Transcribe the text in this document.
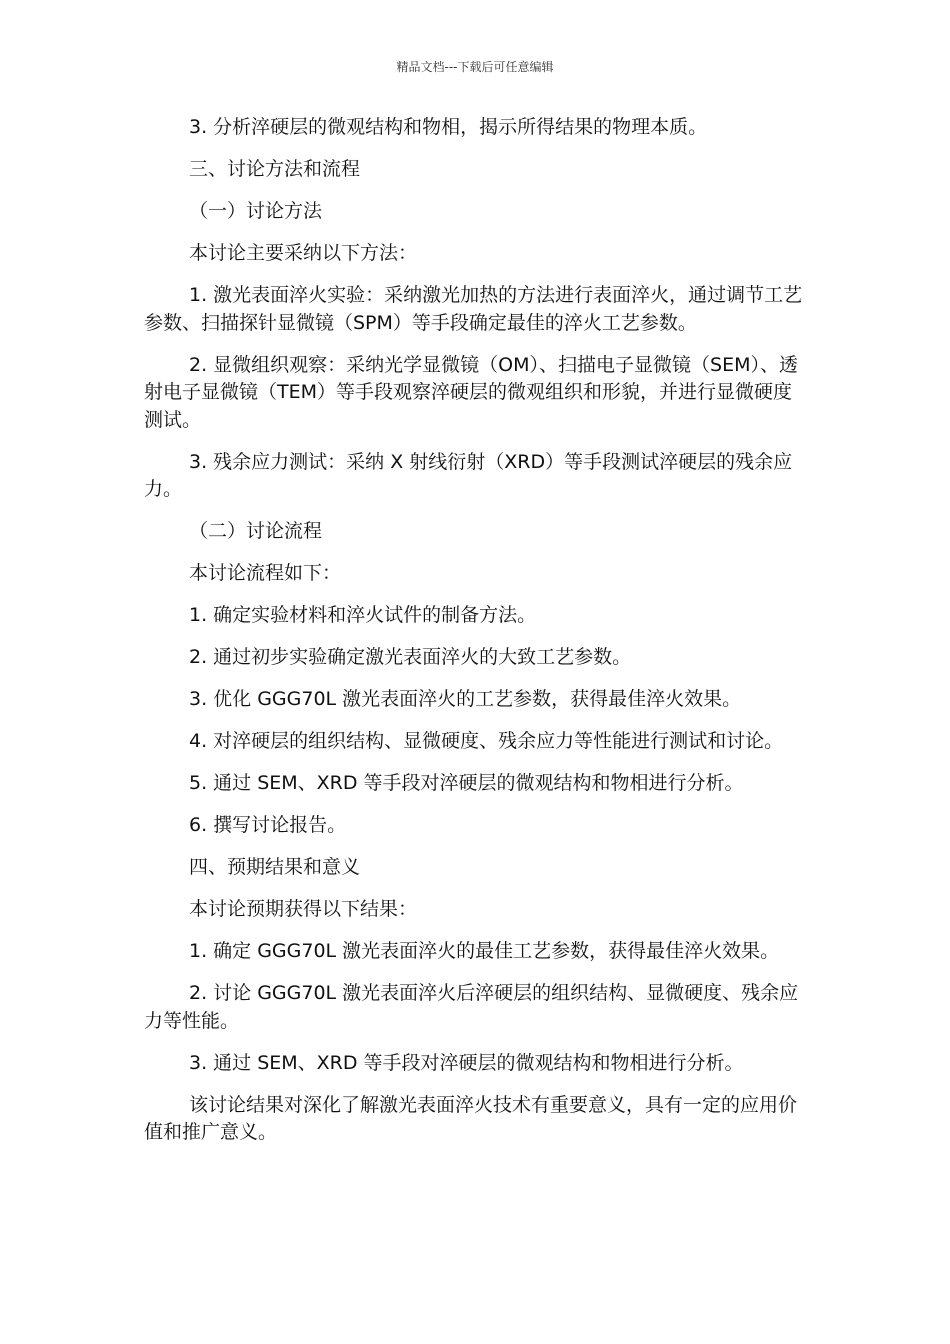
精品文档---下载后可任意编辑

3. 分析淬硬层的微观结构和物相，揭示所得结果的物理本质。

三、讨论方法和流程

（一）讨论方法

本讨论主要采纳以下方法：

1. 激光表面淬火实验：采纳激光加热的方法进行表面淬火，通过调节工艺参数、扫描探针显微镜（SPM）等手段确定最佳的淬火工艺参数。

2. 显微组织观察：采纳光学显微镜（OM）、扫描电子显微镜（SEM）、透射电子显微镜（TEM）等手段观察淬硬层的微观组织和形貌，并进行显微硬度测试。

3. 残余应力测试：采纳 X 射线衍射（XRD）等手段测试淬硬层的残余应力。

（二）讨论流程

本讨论流程如下：

1. 确定实验材料和淬火试件的制备方法。

2. 通过初步实验确定激光表面淬火的大致工艺参数。

3. 优化 GGG70L 激光表面淬火的工艺参数，获得最佳淬火效果。

4. 对淬硬层的组织结构、显微硬度、残余应力等性能进行测试和讨论。

5. 通过 SEM、XRD 等手段对淬硬层的微观结构和物相进行分析。

6. 撰写讨论报告。

四、预期结果和意义

本讨论预期获得以下结果：

1. 确定 GGG70L 激光表面淬火的最佳工艺参数，获得最佳淬火效果。

2. 讨论 GGG70L 激光表面淬火后淬硬层的组织结构、显微硬度、残余应力等性能。

3. 通过 SEM、XRD 等手段对淬硬层的微观结构和物相进行分析。

该讨论结果对深化了解激光表面淬火技术有重要意义，具有一定的应用价值和推广意义。
